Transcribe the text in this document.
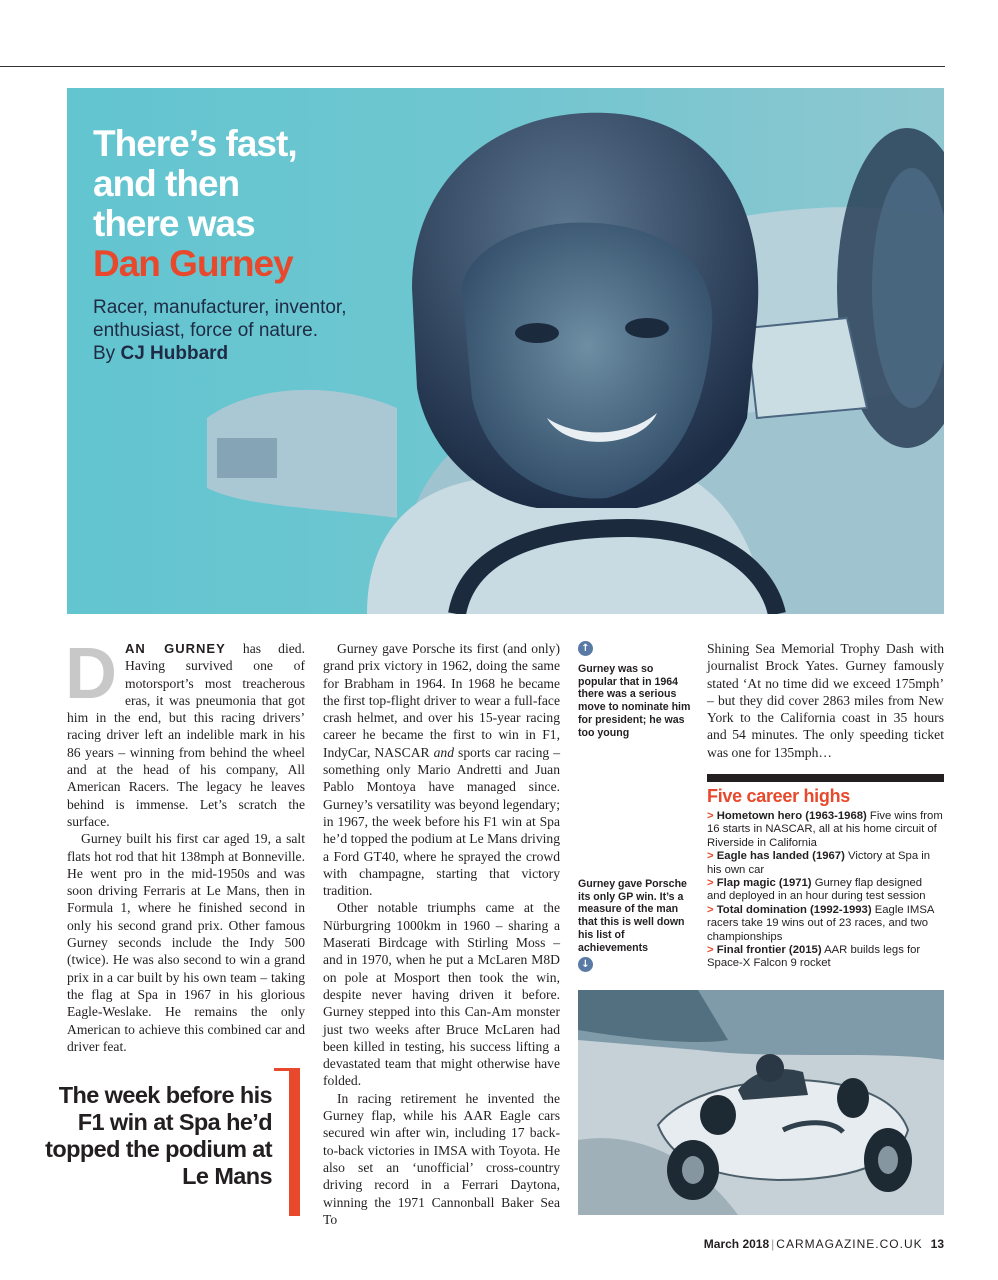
There’s fast,
and then
there was
Dan Gurney

Racer, manufacturer, inventor, enthusiast, force of nature.
By CJ Hubbard

DAN GURNEY has died. Having survived one of motorsport’s most treacherous eras, it was pneumonia that got him in the end, but this racing drivers’ racing driver left an indelible mark in his 86 years – winning from behind the wheel and at the head of his company, All American Racers. The legacy he leaves behind is immense. Let’s scratch the surface.

Gurney built his first car aged 19, a salt flats hot rod that hit 138mph at Bonneville. He went pro in the mid-1950s and was soon driving Ferraris at Le Mans, then in Formula 1, where he finished second in only his second grand prix. Other famous Gurney seconds include the Indy 500 (twice). He was also second to win a grand prix in a car built by his own team – taking the flag at Spa in 1967 in his glorious Eagle-Weslake. He remains the only American to achieve this combined car and driver feat.

The week before his F1 win at Spa he’d topped the podium at Le Mans

Gurney gave Porsche its first (and only) grand prix victory in 1962, doing the same for Brabham in 1964. In 1968 he became the first top-flight driver to wear a full-face crash helmet, and over his 15-year racing career he became the first to win in F1, IndyCar, NASCAR and sports car racing – something only Mario Andretti and Juan Pablo Montoya have managed since. Gurney’s versatility was beyond legendary; in 1967, the week before his F1 win at Spa he’d topped the podium at Le Mans driving a Ford GT40, where he sprayed the crowd with champagne, starting that victory tradition.

Other notable triumphs came at the Nürburgring 1000km in 1960 – sharing a Maserati Birdcage with Stirling Moss – and in 1970, when he put a McLaren M8D on pole at Mosport then took the win, despite never having driven it before. Gurney stepped into this Can-Am monster just two weeks after Bruce McLaren had been killed in testing, his success lifting a devastated team that might otherwise have folded.

In racing retirement he invented the Gurney flap, while his AAR Eagle cars secured win after win, including 17 back-to-back victories in IMSA with Toyota. He also set an ‘unofficial’ cross-country driving record in a Ferrari Daytona, winning the 1971 Cannonball Baker Sea To

↑
Gurney was so popular that in 1964 there was a serious move to nominate him for president; he was too young
Gurney gave Porsche its only GP win. It’s a measure of the man that this is well down his list of achievements
↓

Shining Sea Memorial Trophy Dash with journalist Brock Yates. Gurney famously stated ‘At no time did we exceed 175mph’ – but they did cover 2863 miles from New York to the California coast in 35 hours and 54 minutes. The only speeding ticket was one for 135mph…

Five career highs
> Hometown hero (1963-1968) Five wins from 16 starts in NASCAR, all at his home circuit of Riverside in California
> Eagle has landed (1967) Victory at Spa in his own car
> Flap magic (1971) Gurney flap designed and deployed in an hour during test session
> Total domination (1992-1993) Eagle IMSA racers take 19 wins out of 23 races, and two championships
> Final frontier (2015) AAR builds legs for Space-X Falcon 9 rocket
March 2018 | CARMAGAZINE.CO.UK 13
